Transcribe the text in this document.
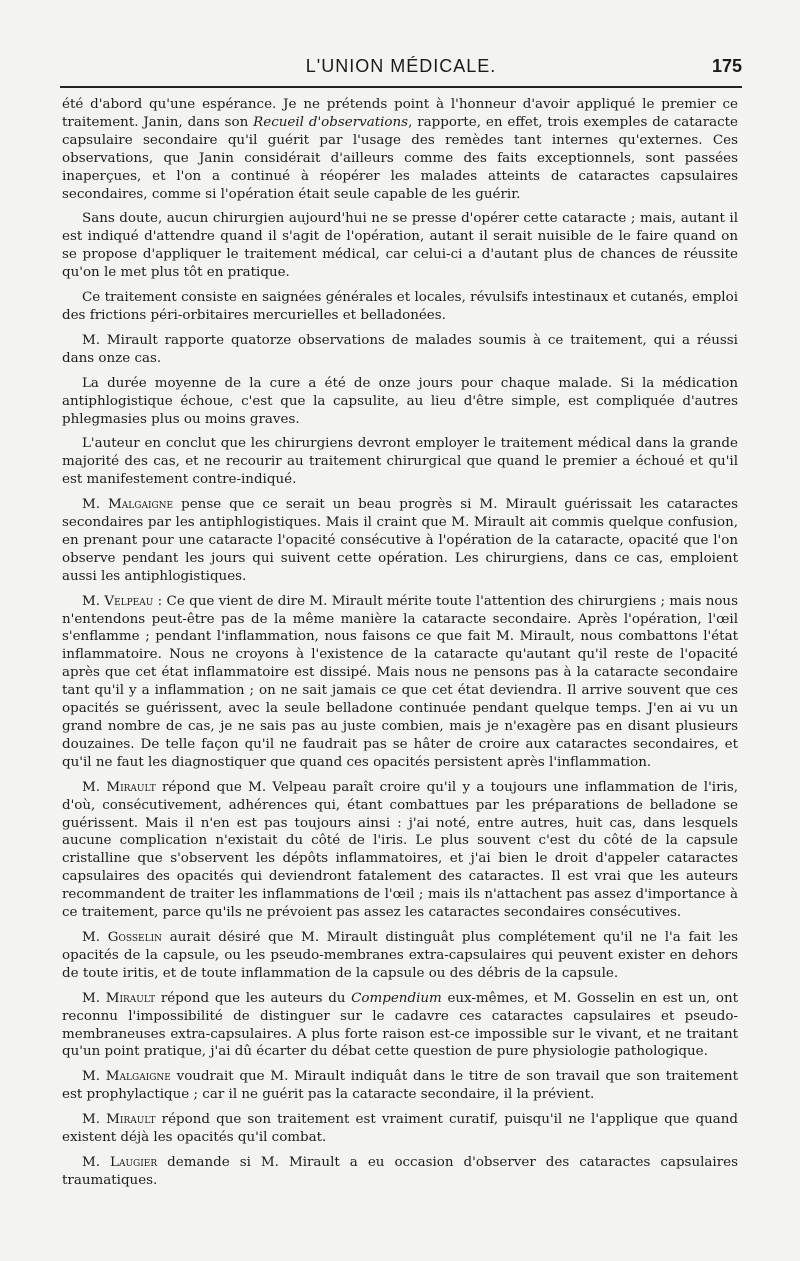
L'UNION MÉDICALE.	175

été d'abord qu'une espérance. Je ne prétends point à l'honneur d'avoir appliqué le premier ce traitement. Janin, dans son Recueil d'observations, rapporte, en effet, trois exemples de cataracte capsulaire secondaire qu'il guérit par l'usage des remèdes tant internes qu'externes. Ces observations, que Janin considérait d'ailleurs comme des faits exceptionnels, sont passées inaperçues, et l'on a continué à réopérer les malades atteints de cataractes capsulaires secondaires, comme si l'opération était seule capable de les guérir.

Sans doute, aucun chirurgien aujourd'hui ne se presse d'opérer cette cataracte ; mais, autant il est indiqué d'attendre quand il s'agit de l'opération, autant il serait nuisible de le faire quand on se propose d'appliquer le traitement médical, car celui-ci a d'autant plus de chances de réussite qu'on le met plus tôt en pratique.

Ce traitement consiste en saignées générales et locales, révulsifs intestinaux et cutanés, emploi des frictions péri-orbitaires mercurielles et belladonées.

M. Mirault rapporte quatorze observations de malades soumis à ce traitement, qui a réussi dans onze cas.

La durée moyenne de la cure a été de onze jours pour chaque malade. Si la médication antiphlogistique échoue, c'est que la capsulite, au lieu d'être simple, est compliquée d'autres phlegmasies plus ou moins graves.

L'auteur en conclut que les chirurgiens devront employer le traitement médical dans la grande majorité des cas, et ne recourir au traitement chirurgical que quand le premier a échoué et qu'il est manifestement contre-indiqué.

M. Malgaigne pense que ce serait un beau progrès si M. Mirault guérissait les cataractes secondaires par les antiphlogistiques. Mais il craint que M. Mirault ait commis quelque confusion, en prenant pour une cataracte l'opacité consécutive à l'opération de la cataracte, opacité que l'on observe pendant les jours qui suivent cette opération. Les chirurgiens, dans ce cas, emploient aussi les antiphlogistiques.

M. Velpeau : Ce que vient de dire M. Mirault mérite toute l'attention des chirurgiens ; mais nous n'entendons peut-être pas de la même manière la cataracte secondaire. Après l'opération, l'œil s'enflamme ; pendant l'inflammation, nous faisons ce que fait M. Mirault, nous combattons l'état inflammatoire. Nous ne croyons à l'existence de la cataracte qu'autant qu'il reste de l'opacité après que cet état inflammatoire est dissipé. Mais nous ne pensons pas à la cataracte secondaire tant qu'il y a inflammation ; on ne sait jamais ce que cet état deviendra. Il arrive souvent que ces opacités se guérissent, avec la seule belladone continuée pendant quelque temps. J'en ai vu un grand nombre de cas, je ne sais pas au juste combien, mais je n'exagère pas en disant plusieurs douzaines. De telle façon qu'il ne faudrait pas se hâter de croire aux cataractes secondaires, et qu'il ne faut les diagnostiquer que quand ces opacités persistent après l'inflammation.

M. Mirault répond que M. Velpeau paraît croire qu'il y a toujours une inflammation de l'iris, d'où, consécutivement, adhérences qui, étant combattues par les préparations de belladone se guérissent. Mais il n'en est pas toujours ainsi : j'ai noté, entre autres, huit cas, dans lesquels aucune complication n'existait du côté de l'iris. Le plus souvent c'est du côté de la capsule cristalline que s'observent les dépôts inflammatoires, et j'ai bien le droit d'appeler cataractes capsulaires des opacités qui deviendront fatalement des cataractes. Il est vrai que les auteurs recommandent de traiter les inflammations de l'œil ; mais ils n'attachent pas assez d'importance à ce traitement, parce qu'ils ne prévoient pas assez les cataractes secondaires consécutives.

M. Gosselin aurait désiré que M. Mirault distinguât plus complétement qu'il ne l'a fait les opacités de la capsule, ou les pseudo-membranes extra-capsulaires qui peuvent exister en dehors de toute iritis, et de toute inflammation de la capsule ou des débris de la capsule.

M. Mirault répond que les auteurs du Compendium eux-mêmes, et M. Gosselin en est un, ont reconnu l'impossibilité de distinguer sur le cadavre ces cataractes capsulaires et pseudo-membraneuses extra-capsulaires. A plus forte raison est-ce impossible sur le vivant, et ne traitant qu'un point pratique, j'ai dû écarter du débat cette question de pure physiologie pathologique.

M. Malgaigne voudrait que M. Mirault indiquât dans le titre de son travail que son traitement est prophylactique ; car il ne guérit pas la cataracte secondaire, il la prévient.

M. Mirault répond que son traitement est vraiment curatif, puisqu'il ne l'applique que quand existent déjà les opacités qu'il combat.

M. Laugier demande si M. Mirault a eu occasion d'observer des cataractes capsulaires traumatiques.
